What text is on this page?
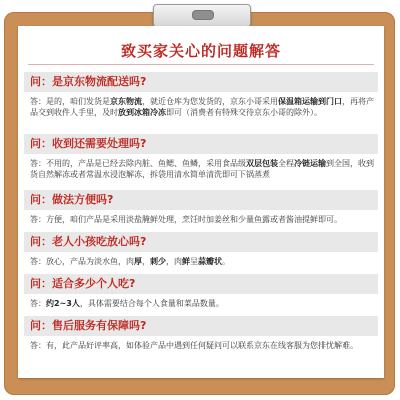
致买家关心的问题解答
问：是京东物流配送吗?
答：是的，咱们发货是京东物流，就近仓库为您发货的，京东小哥采用保温箱运输到门口，再将产品交到收件人手里，及时放到冰箱冷冻即可（消费者有特殊交待京东小哥的除外）。
问：收到还需要处理吗?
答：不用的，产品是已经去除内脏、鱼鳃、鱼鳞，采用食品级双层包装全程冷链运输到全国，收到货自然解冻或者常温水浸泡解冻，拆袋用清水简单清洗即可下锅蒸煮
问：做法方便吗?
答：方便，咱们产品是采用淡盐腌鲜处理，烹饪时加姜丝和少量鱼露或者酱油提鲜即可。
问：老人小孩吃放心吗?
答：放心，产品为淡水鱼，肉厚，刺少，肉鲜呈蒜瓣状。
问：适合多少个人吃?
答：约2~3人，具体需要结合每个人食量和菜品数量。
问：售后服务有保障吗?
答：有，此产品好评率高，如体验产品中遇到任何疑问可以联系京东在线客服为您排忧解难。
